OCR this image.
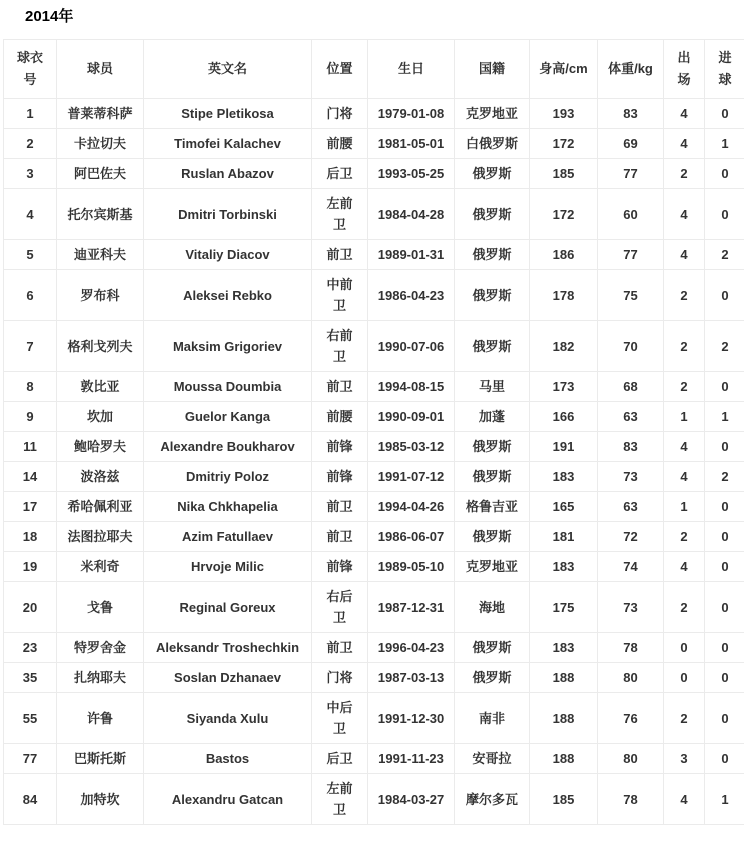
2014年
球衣号	球员	英文名	位置	生日	国籍	身高/cm	体重/kg	出场	进球
1	普莱蒂科萨	Stipe Pletikosa	门将	1979-01-08	克罗地亚	193	83	4	0
2	卡拉切夫	Timofei Kalachev	前腰	1981-05-01	白俄罗斯	172	69	4	1
3	阿巴佐夫	Ruslan Abazov	后卫	1993-05-25	俄罗斯	185	77	2	0
4	托尔宾斯基	Dmitri Torbinski	左前卫	1984-04-28	俄罗斯	172	60	4	0
5	迪亚科夫	Vitaliy Diacov	前卫	1989-01-31	俄罗斯	186	77	4	2
6	罗布科	Aleksei Rebko	中前卫	1986-04-23	俄罗斯	178	75	2	0
7	格利戈列夫	Maksim Grigoriev	右前卫	1990-07-06	俄罗斯	182	70	2	2
8	敦比亚	Moussa Doumbia	前卫	1994-08-15	马里	173	68	2	0
9	坎加	Guelor Kanga	前腰	1990-09-01	加蓬	166	63	1	1
11	鲍哈罗夫	Alexandre Boukharov	前锋	1985-03-12	俄罗斯	191	83	4	0
14	波洛兹	Dmitriy Poloz	前锋	1991-07-12	俄罗斯	183	73	4	2
17	希哈佩利亚	Nika Chkhapelia	前卫	1994-04-26	格鲁吉亚	165	63	1	0
18	法图拉耶夫	Azim Fatullaev	前卫	1986-06-07	俄罗斯	181	72	2	0
19	米利奇	Hrvoje Milic	前锋	1989-05-10	克罗地亚	183	74	4	0
20	戈鲁	Reginal Goreux	右后卫	1987-12-31	海地	175	73	2	0
23	特罗舍金	Aleksandr Troshechkin	前卫	1996-04-23	俄罗斯	183	78	0	0
35	扎纳耶夫	Soslan Dzhanaev	门将	1987-03-13	俄罗斯	188	80	0	0
55	许鲁	Siyanda Xulu	中后卫	1991-12-30	南非	188	76	2	0
77	巴斯托斯	Bastos	后卫	1991-11-23	安哥拉	188	80	3	0
84	加特坎	Alexandru Gatcan	左前卫	1984-03-27	摩尔多瓦	185	78	4	1
